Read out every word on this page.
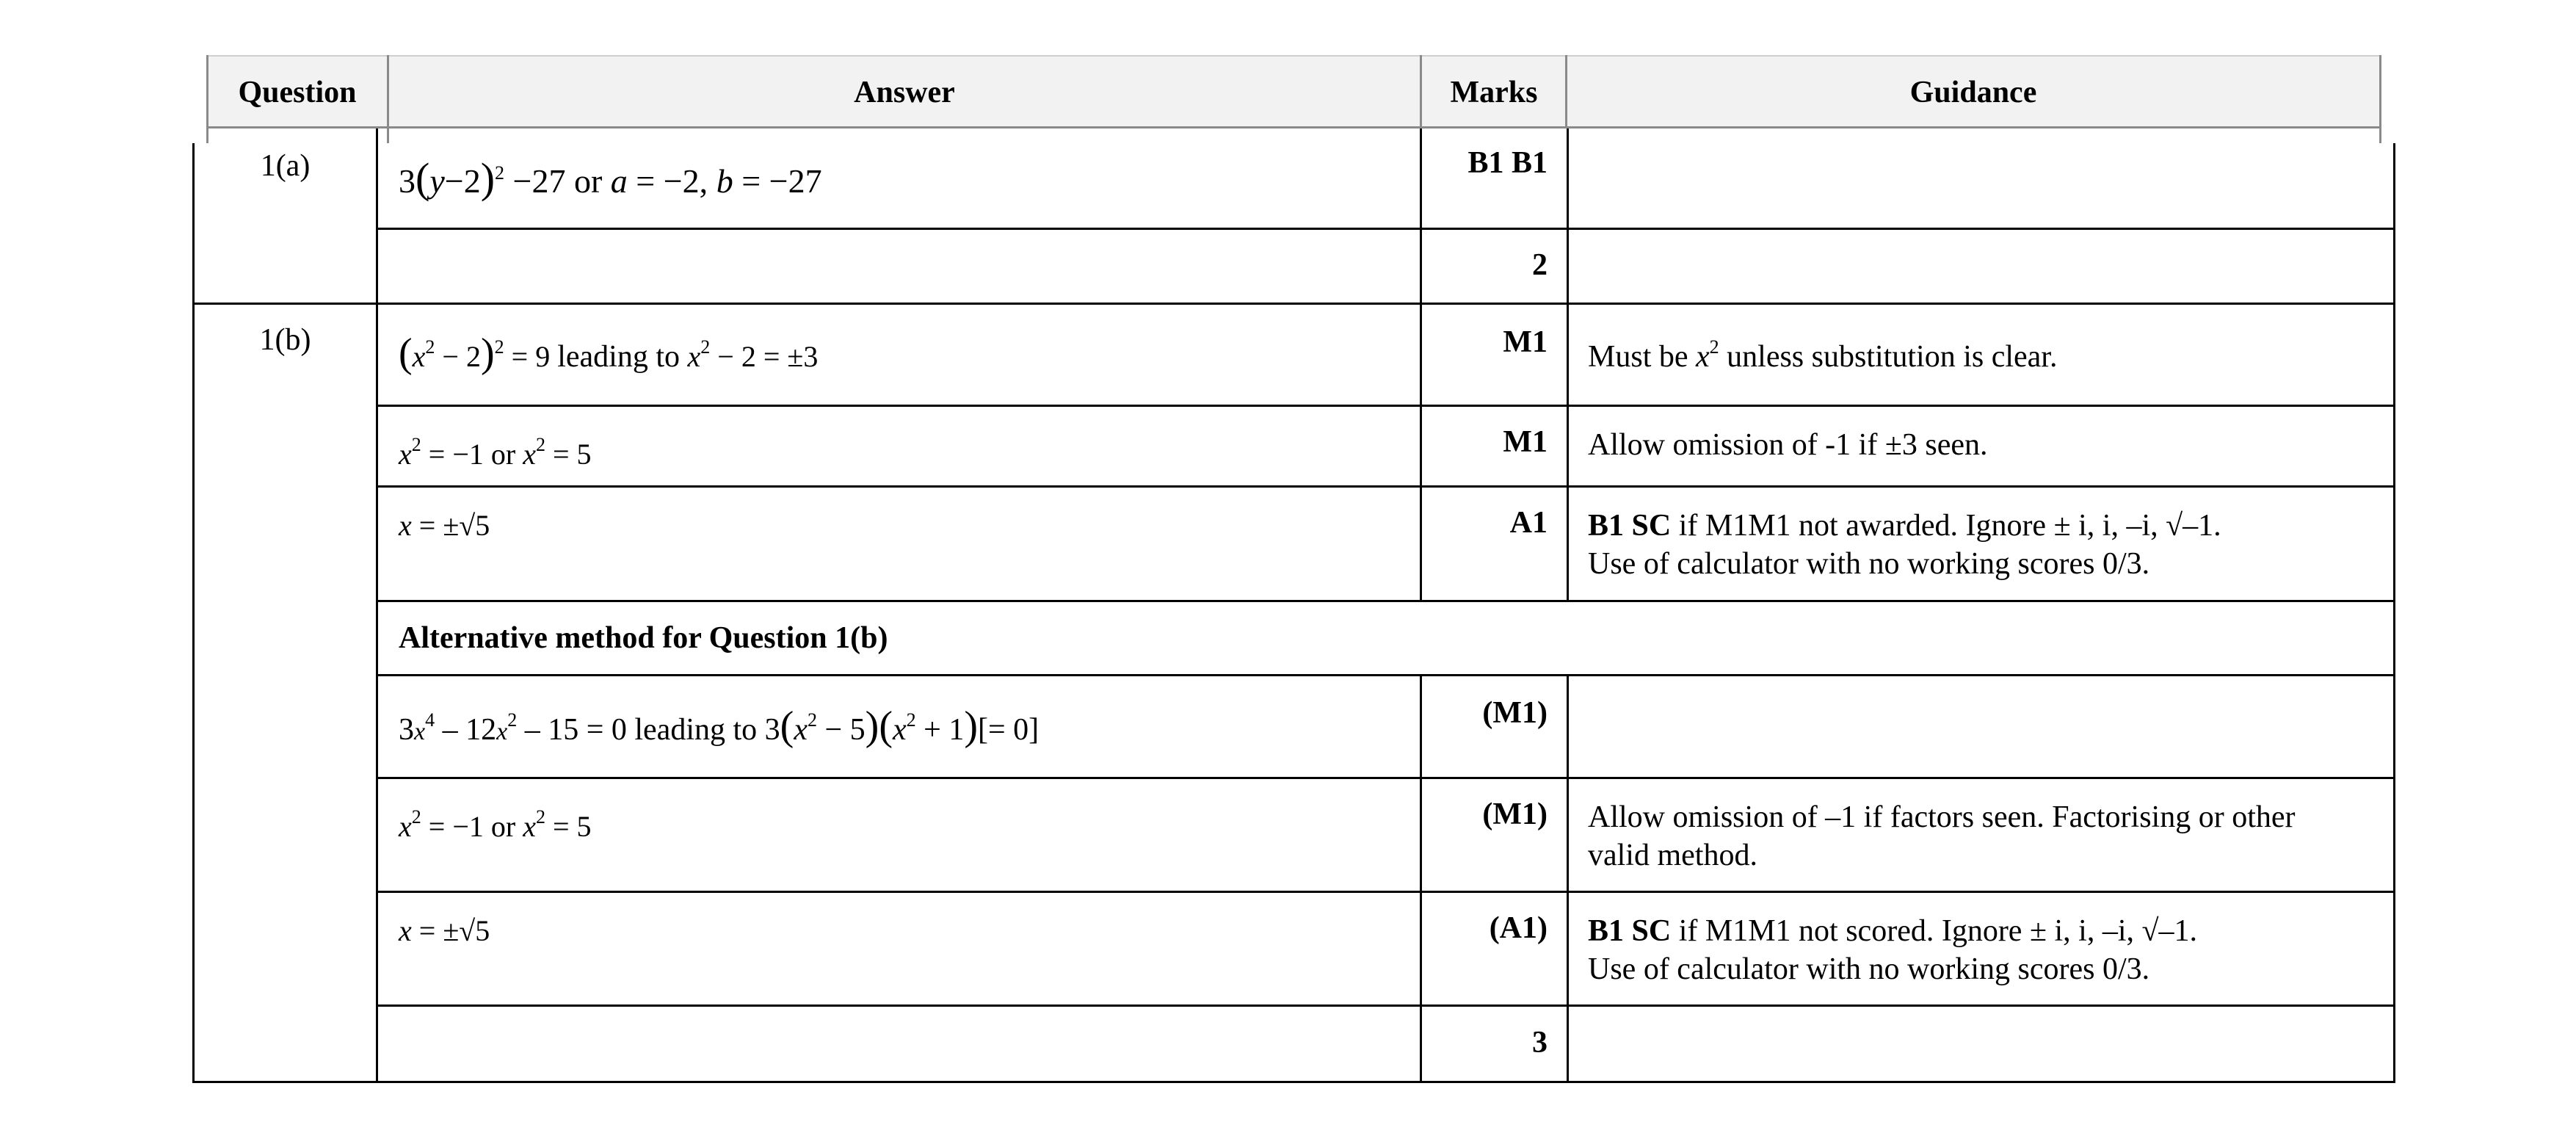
Question	Answer	Marks	Guidance
1(a)	$3(y-2)^2 -27$ or a = −2, b = −27	B1 B1
2
1(b)	$(x^2 - 2)^2 = 9$ leading to $x^2 - 2 = \pm 3$	M1	Must be $x^2$ unless substitution is clear.
$x^2 = -1$ or $x^2 = 5$	M1	Allow omission of -1 if ±3 seen.
x = ±√5	A1	B1 SC if M1M1 not awarded. Ignore ± i, i, –i, √–1.
Use of calculator with no working scores 0/3.
Alternative method for Question 1(b)
$3x^4 - 12x^2 - 15 = 0$ leading to $3(x^2 - 5)(x^2 + 1)[= 0]$	(M1)
$x^2 = -1$ or $x^2 = 5$	(M1)	Allow omission of –1 if factors seen. Factorising or other
valid method.
x = ±√5	(A1)	B1 SC if M1M1 not scored. Ignore ± i, i, –i, √–1.
Use of calculator with no working scores 0/3.
3
